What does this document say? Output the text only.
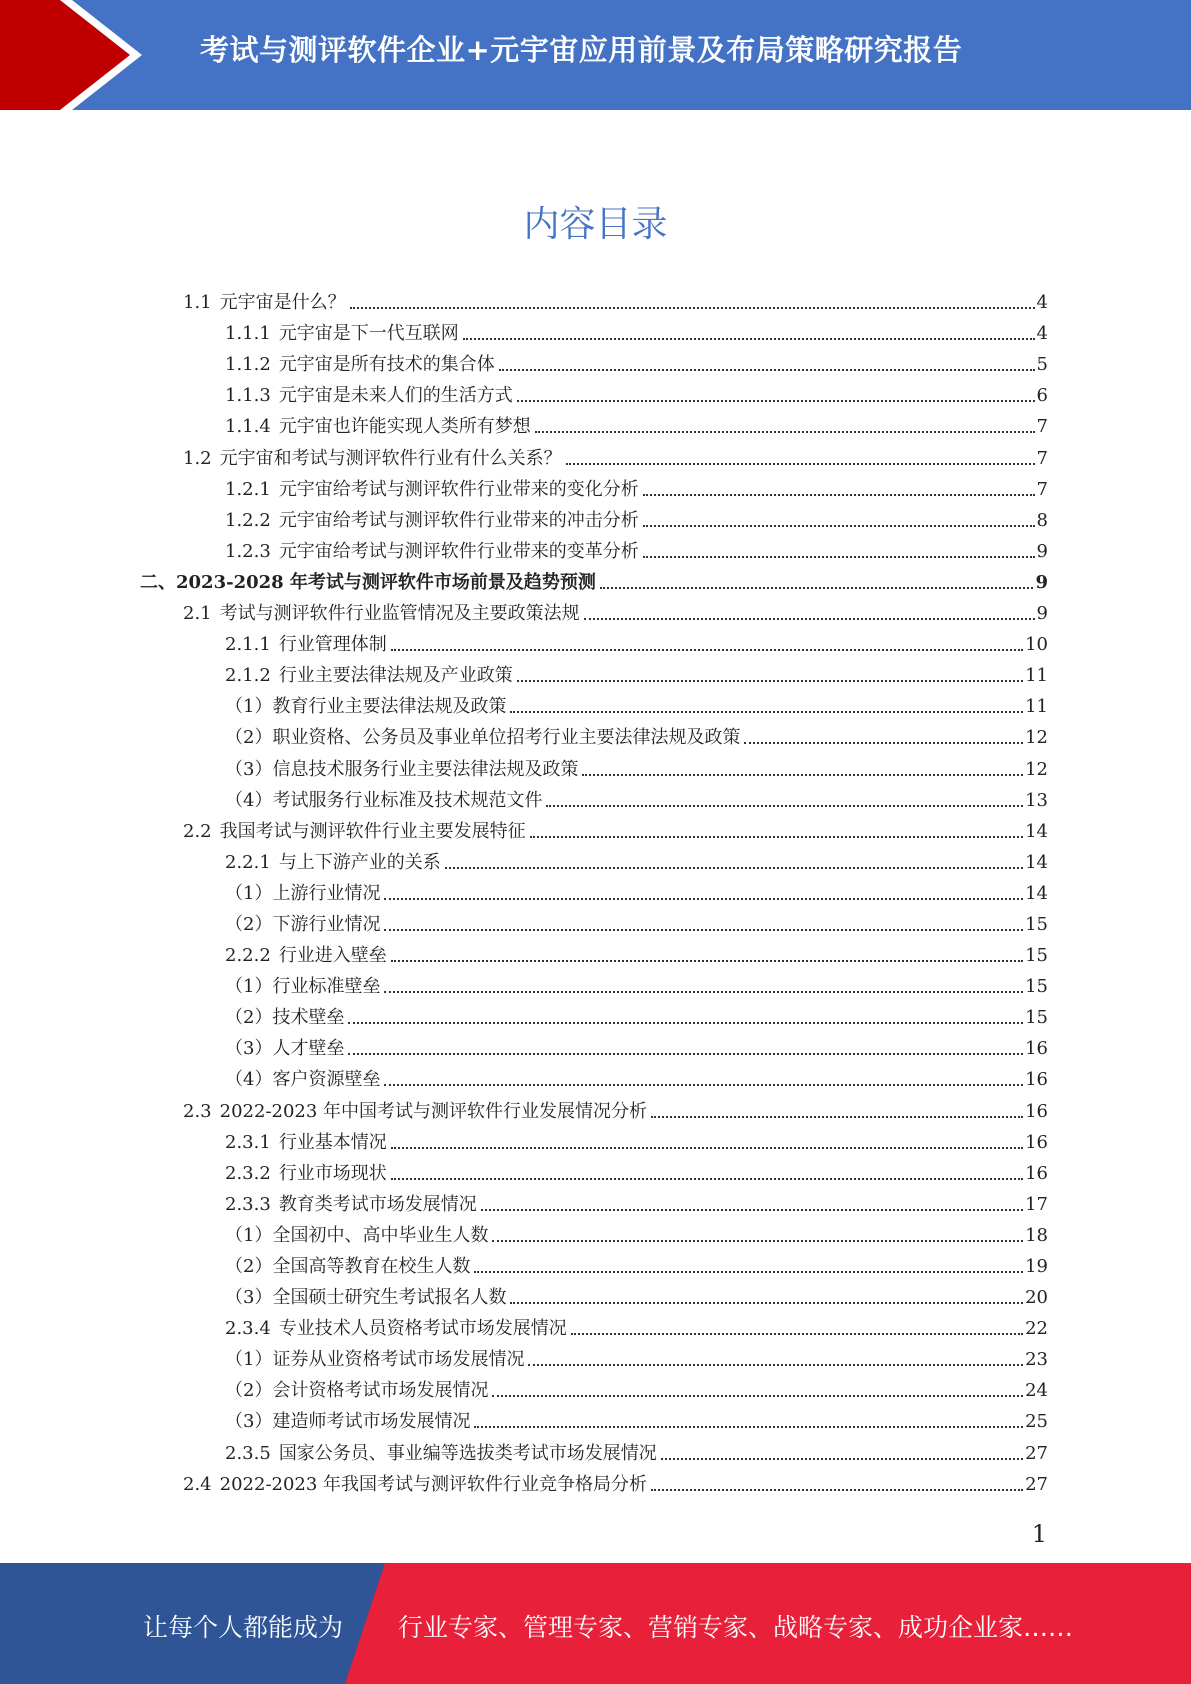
考试与测评软件企业+元宇宙应用前景及布局策略研究报告
内容目录
1.1 元宇宙是什么？	4
1.1.1 元宇宙是下一代互联网	4
1.1.2 元宇宙是所有技术的集合体	5
1.1.3 元宇宙是未来人们的生活方式	6
1.1.4 元宇宙也许能实现人类所有梦想	7
1.2 元宇宙和考试与测评软件行业有什么关系？	7
1.2.1 元宇宙给考试与测评软件行业带来的变化分析	7
1.2.2 元宇宙给考试与测评软件行业带来的冲击分析	8
1.2.3 元宇宙给考试与测评软件行业带来的变革分析	9
二、 2023-2028 年考试与测评软件市场前景及趋势预测	9
2.1 考试与测评软件行业监管情况及主要政策法规	9
2.1.1 行业管理体制	10
2.1.2 行业主要法律法规及产业政策	11
（1） 教育行业主要法律法规及政策	11
（2） 职业资格、公务员及事业单位招考行业主要法律法规及政策	12
（3） 信息技术服务行业主要法律法规及政策	12
（4） 考试服务行业标准及技术规范文件	13
2.2 我国考试与测评软件行业主要发展特征	14
2.2.1 与上下游产业的关系	14
（1） 上游行业情况	14
（2） 下游行业情况	15
2.2.2 行业进入壁垒	15
（1） 行业标准壁垒	15
（2） 技术壁垒	15
（3） 人才壁垒	16
（4） 客户资源壁垒	16
2.3 2022-2023 年中国考试与测评软件行业发展情况分析	16
2.3.1 行业基本情况	16
2.3.2 行业市场现状	16
2.3.3 教育类考试市场发展情况	17
（1） 全国初中、高中毕业生人数	18
（2） 全国高等教育在校生人数	19
（3） 全国硕士研究生考试报名人数	20
2.3.4 专业技术人员资格考试市场发展情况	22
（1） 证券从业资格考试市场发展情况	23
（2） 会计资格考试市场发展情况	24
（3） 建造师考试市场发展情况	25
2.3.5 国家公务员、事业编等选拔类考试市场发展情况	27
2.4 2022-2023 年我国考试与测评软件行业竞争格局分析	27
1
让每个人都能成为 行业专家、管理专家、营销专家、战略专家、成功企业家……
